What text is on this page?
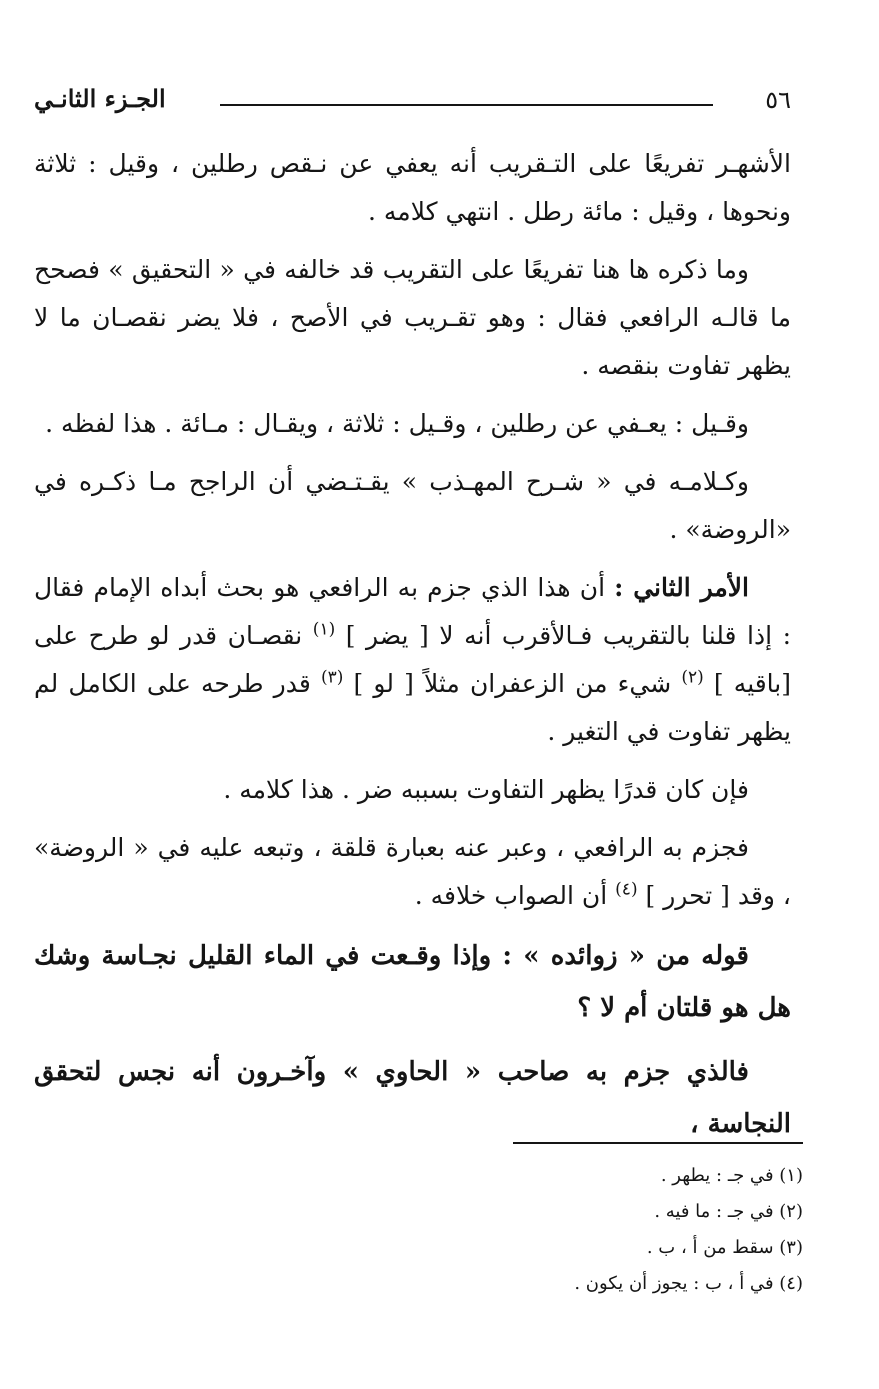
٥٦
الجـزء الثانـي

الأشهـر تفريعًا على التـقريب أنه يعفي عن نـقص رطلين ، وقيل : ثلاثة ونحوها ، وقيل : مائة رطل . انتهي كلامه .

وما ذكره ها هنا تفريعًا على التقريب قد خالفه في « التحقيق » فصحح ما قالـه الرافعي فقال : وهو تقـريب في الأصح ، فلا يضر نقصـان ما لا يظهر تفاوت بنقصه .

وقـيل : يعـفي عن رطلين ، وقـيل : ثلاثة ، ويقـال : مـائة . هذا لفظه .

وكـلامـه في « شـرح المهـذب » يقـتـضي أن الراجح مـا ذكـره في «الروضة» .

الأمر الثاني : أن هذا الذي جزم به الرافعي هو بحث أبداه الإمام فقال : إذا قلنا بالتقريب فـالأقرب أنه لا [ يضر ] $^{(١)}$ نقصـان قدر لو طرح على [باقيه ] $^{(٢)}$ شيء من الزعفران مثلاً [ لو ] $^{(٣)}$ قدر طرحه على الكامل لم يظهر تفاوت في التغير .

فإن كان قدرًا يظهر التفاوت بسببه ضر . هذا كلامه .

فجزم به الرافعي ، وعبر عنه بعبارة قلقة ، وتبعه عليه في « الروضة» ، وقد [ تحرر ] $^{(٤)}$ أن الصواب خلافه .

قوله من « زوائده » : وإذا وقـعت في الماء القليل نجـاسة وشك هل هو قلتان أم لا ؟

فالذي جزم به صاحب « الحاوي » وآخـرون أنه نجس لتحقق النجاسة ،

(١) في جـ : يطهر .
(٢) في جـ : ما فيه .
(٣) سقط من أ ، ب .
(٤) في أ ، ب : يجوز أن يكون .
